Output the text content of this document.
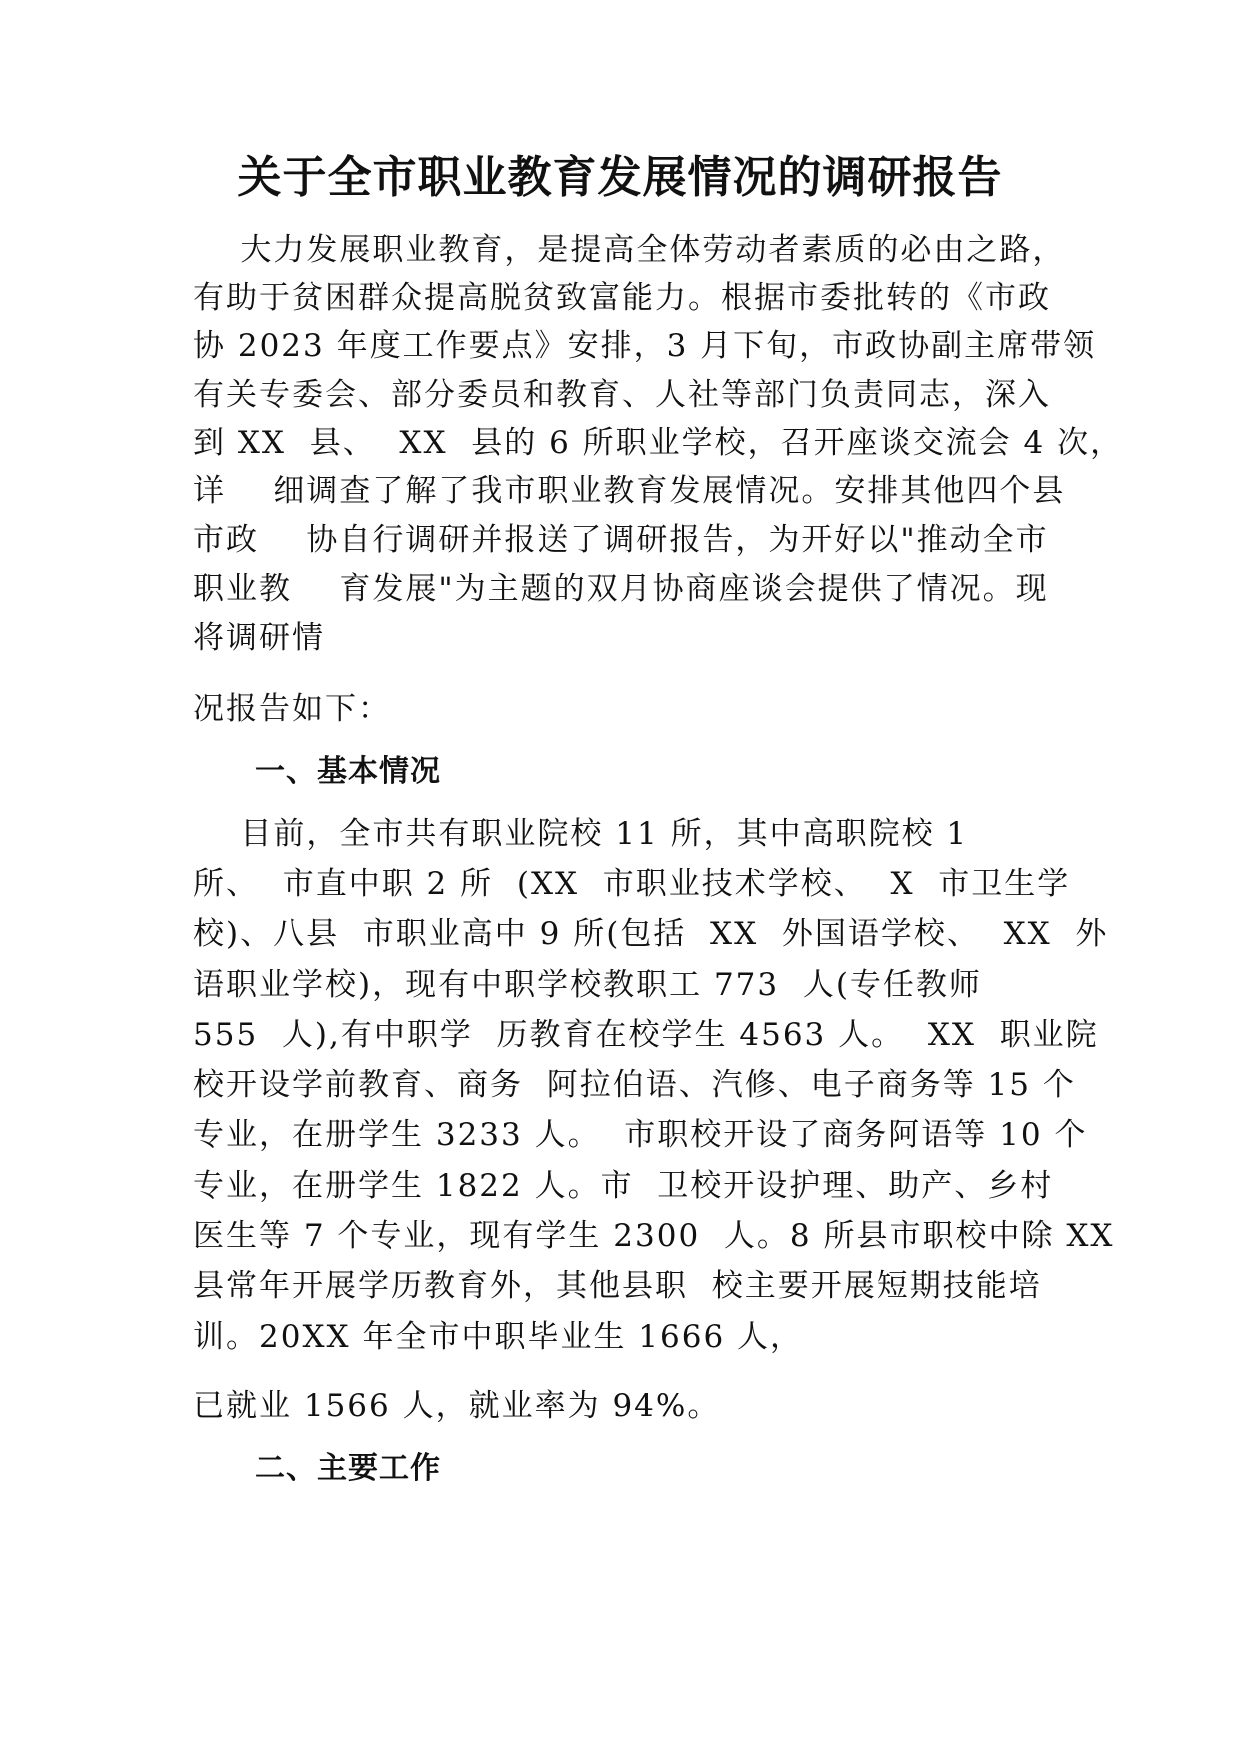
关于全市职业教育发展情况的调研报告
大力发展职业教育，是提高全体劳动者素质的必由之路，
有助于贫困群众提高脱贫致富能力。根据市委批转的《市政
协 2023 年度工作要点》安排，3 月下旬，市政协副主席带领
有关专委会、部分委员和教育、人社等部门负责同志，深入
到 XX  县、  XX  县的 6 所职业学校，召开座谈交流会 4 次，
详    细调查了解了我市职业教育发展情况。安排其他四个县
市政    协自行调研并报送了调研报告，为开好以"推动全市
职业教    育发展"为主题的双月协商座谈会提供了情况。现
将调研情
况报告如下：
一、基本情况
目前，全市共有职业院校 11 所，其中高职院校 1
所、  市直中职 2 所  (XX  市职业技术学校、  X  市卫生学
校)、八县  市职业高中 9 所(包括  XX  外国语学校、  XX  外
语职业学校)，现有中职学校教职工 773  人(专任教师
555  人),有中职学  历教育在校学生 4563 人。  XX  职业院
校开设学前教育、商务  阿拉伯语、汽修、电子商务等 15 个
专业，在册学生 3233 人。  市职校开设了商务阿语等 10 个
专业，在册学生 1822 人。市  卫校开设护理、助产、乡村
医生等 7 个专业，现有学生 2300  人。8 所县市职校中除 XX
县常年开展学历教育外，其他县职  校主要开展短期技能培
训。20XX 年全市中职毕业生 1666 人，
已就业 1566 人，就业率为 94%。
二、主要工作
